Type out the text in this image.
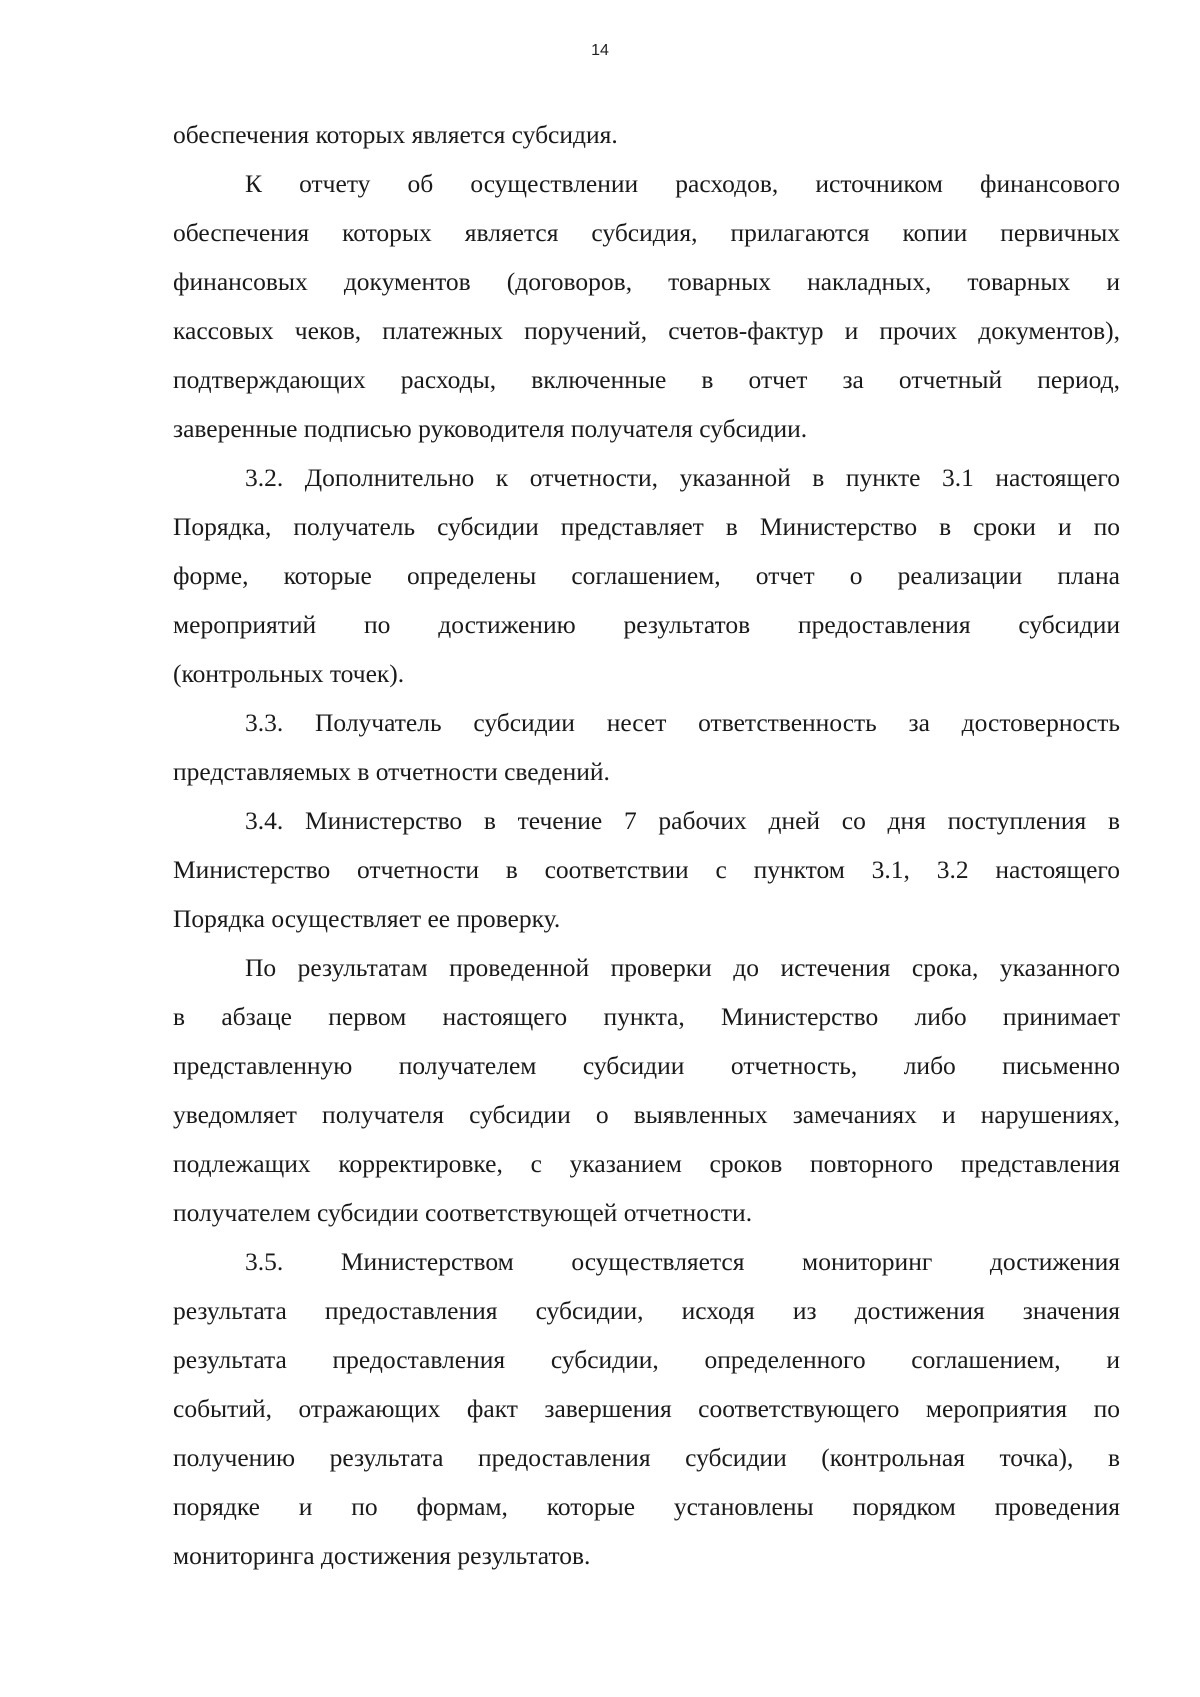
14
обеспечения которых является субсидия.
К отчету об осуществлении расходов, источником финансового
обеспечения которых является субсидия, прилагаются копии первичных
финансовых документов (договоров, товарных накладных, товарных и
кассовых чеков, платежных поручений, счетов-фактур и прочих документов),
подтверждающих расходы, включенные в отчет за отчетный период,
заверенные подписью руководителя получателя субсидии.
3.2. Дополнительно к отчетности, указанной в пункте 3.1 настоящего
Порядка, получатель субсидии представляет в Министерство в сроки и по
форме, которые определены соглашением, отчет о реализации плана
мероприятий по достижению результатов предоставления субсидии
(контрольных точек).
3.3. Получатель субсидии несет ответственность за достоверность
представляемых в отчетности сведений.
3.4. Министерство в течение 7 рабочих дней со дня поступления в
Министерство отчетности в соответствии с пунктом 3.1, 3.2 настоящего
Порядка осуществляет ее проверку.
По результатам проведенной проверки до истечения срока, указанного
в абзаце первом настоящего пункта, Министерство либо принимает
представленную получателем субсидии отчетность, либо письменно
уведомляет получателя субсидии о выявленных замечаниях и нарушениях,
подлежащих корректировке, с указанием сроков повторного представления
получателем субсидии соответствующей отчетности.
3.5. Министерством осуществляется мониторинг достижения
результата предоставления субсидии, исходя из достижения значения
результата предоставления субсидии, определенного соглашением, и
событий, отражающих факт завершения соответствующего мероприятия по
получению результата предоставления субсидии (контрольная точка), в
порядке и по формам, которые установлены порядком проведения
мониторинга достижения результатов.
